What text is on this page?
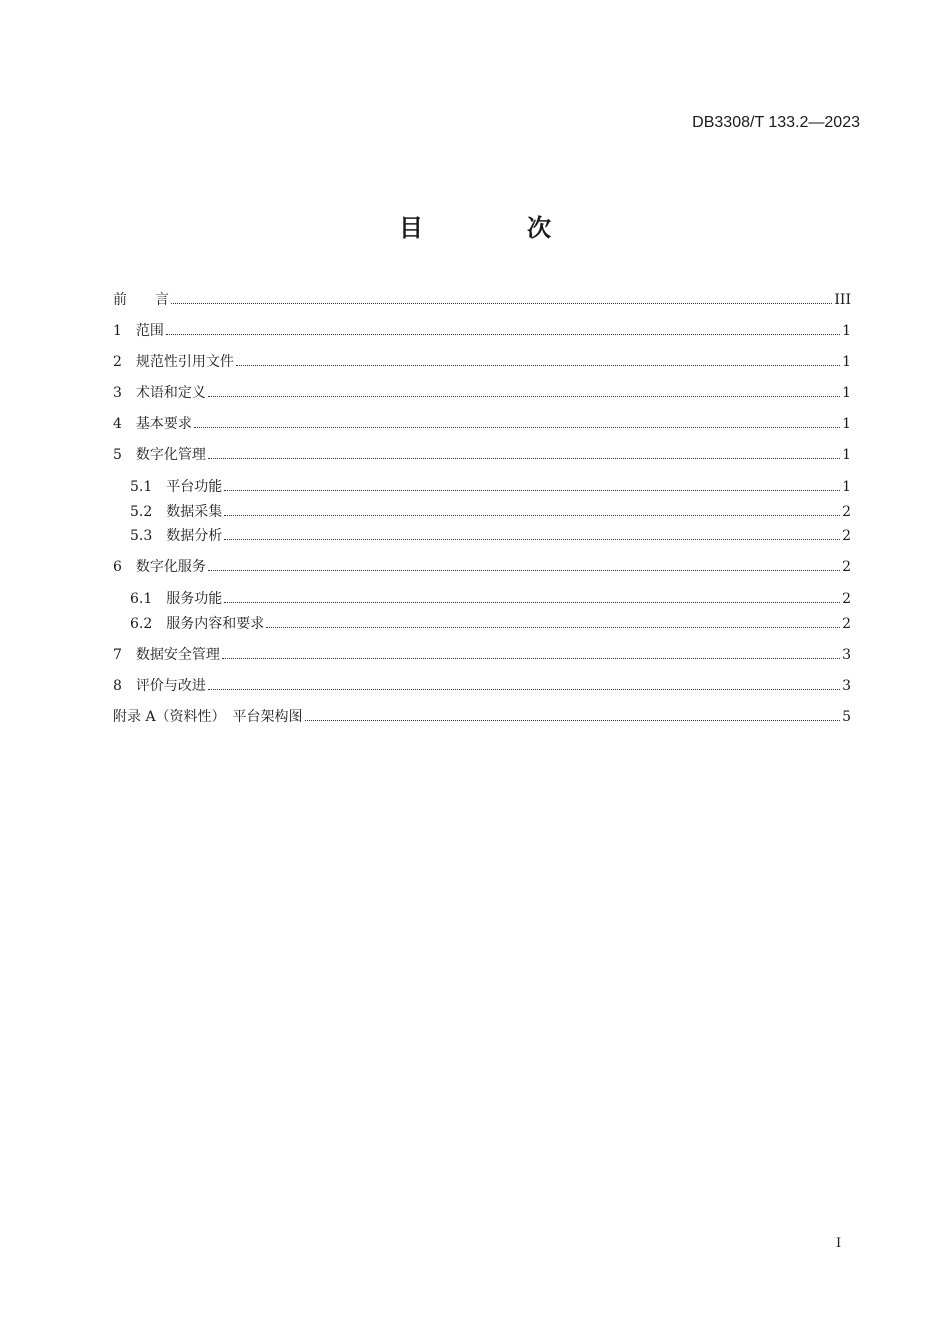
DB3308/T 133.2—2023
目　次
前　　言	III
1　 范围	1
2　 规范性引用文件	1
3　 术语和定义	1
4　 基本要求	1
5　 数字化管理	1
5.1　 平台功能	1
5.2　 数据采集	2
5.3　 数据分析	2
6　 数字化服务	2
6.1　 服务功能	2
6.2　 服务内容和要求	2
7　 数据安全管理	3
8　 评价与改进	3
附录 A（资料性）　平台架构图	5
I
